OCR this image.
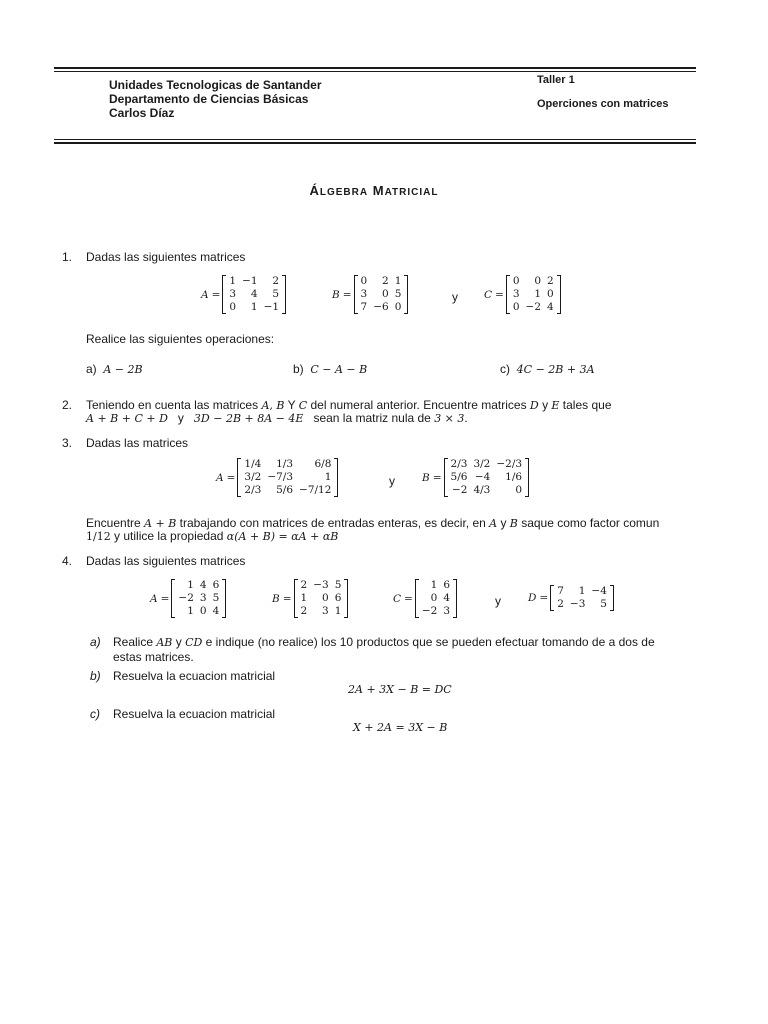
Unidades Tecnologicas de Santander
Departamento de Ciencias Básicas
Carlos Díaz
Taller 1
Operciones con matrices
ÁLGEBRA MATRICIAL
1. Dadas las siguientes matrices
A =
1 −1	2
3	4	5
0	1 −1
B =
0	2 1
3	0 5
7 −6 0
y C =
0	0 2
3	1 0
0 −2 4
Realice las siguientes operaciones:
a) A − 2B	b) C − A − B	c) 4C − 2B + 3A
2. Teniendo en cuenta las matrices A, B Y C del numeral anterior. Encuentre matrices D y E tales que
A + B + C + D   y   3D − 2B + 8A − 4E   sean la matriz nula de 3 × 3.
3. Dadas las matrices
A =
1/4	1/3	6/8
3/2 −7/3	1
2/3	5/6 −7/12
y	B =
2/3 3/2 −2/3
5/6 −4	1/6
−2 4/3	0
Encuentre A + B trabajando con matrices de entradas enteras, es decir, en A y B saque como factor comun
1/12 y utilice la propiedad α(A + B) = αA + αB
4. Dadas las siguientes matrices
A =
1 4 6
−2 3 5
1 0 4
B =
2 −3 5
1	0 6
2	3 1
C =
1 6
0 4
−2 3
y	D =
7	1 −4
2 −3	5
a) Realice AB y CD e indique (no realice) los 10 productos que se pueden efectuar tomando de a dos de
estas matrices.
b) Resuelva la ecuacion matricial
2A + 3X − B = DC
c) Resuelva la ecuacion matricial
X + 2A = 3X − B
